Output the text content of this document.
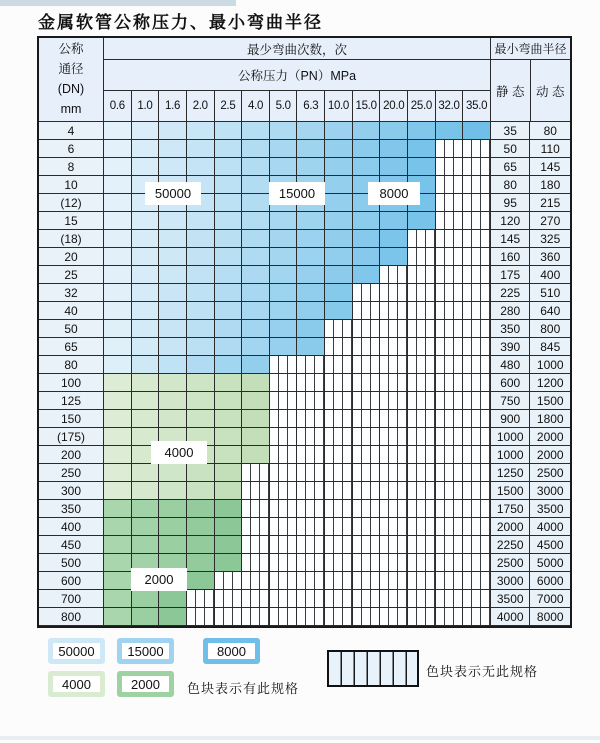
金属软管公称压力、最小弯曲半径
公称
通径
(DN)
mm
最少弯曲次数，次
公称压力（PN）MPa
0.6	1.0	1.6	2.0	2.5	4.0	5.0	6.3 10.0 15.0 20.0 25.0 32.0 35.0
最小弯曲半径
静 态 动 态
4	35	80
6	50	110
8	65	145
10	80	180
(12)	95	215
15	120	270
(18)	145	325
20	160	360
25	175	400
32	225	510
40	280	640
50	350	800
65	390	845
80	480	1000
100	600	1200
125	750	1500
150	900	1800
(175)	1000	2000
200	1000	2000
250	1250	2500
300	1500	3000
350	1750	3500
400	2000	4000
450	2250	4500
500	2500	5000
600	3000	6000
700	3500	7000
800	4000	8000
50000	15000	8000
4000
2000
50000	15000	8000
4000	2000	色块表示有此规格
色块表示无此规格
